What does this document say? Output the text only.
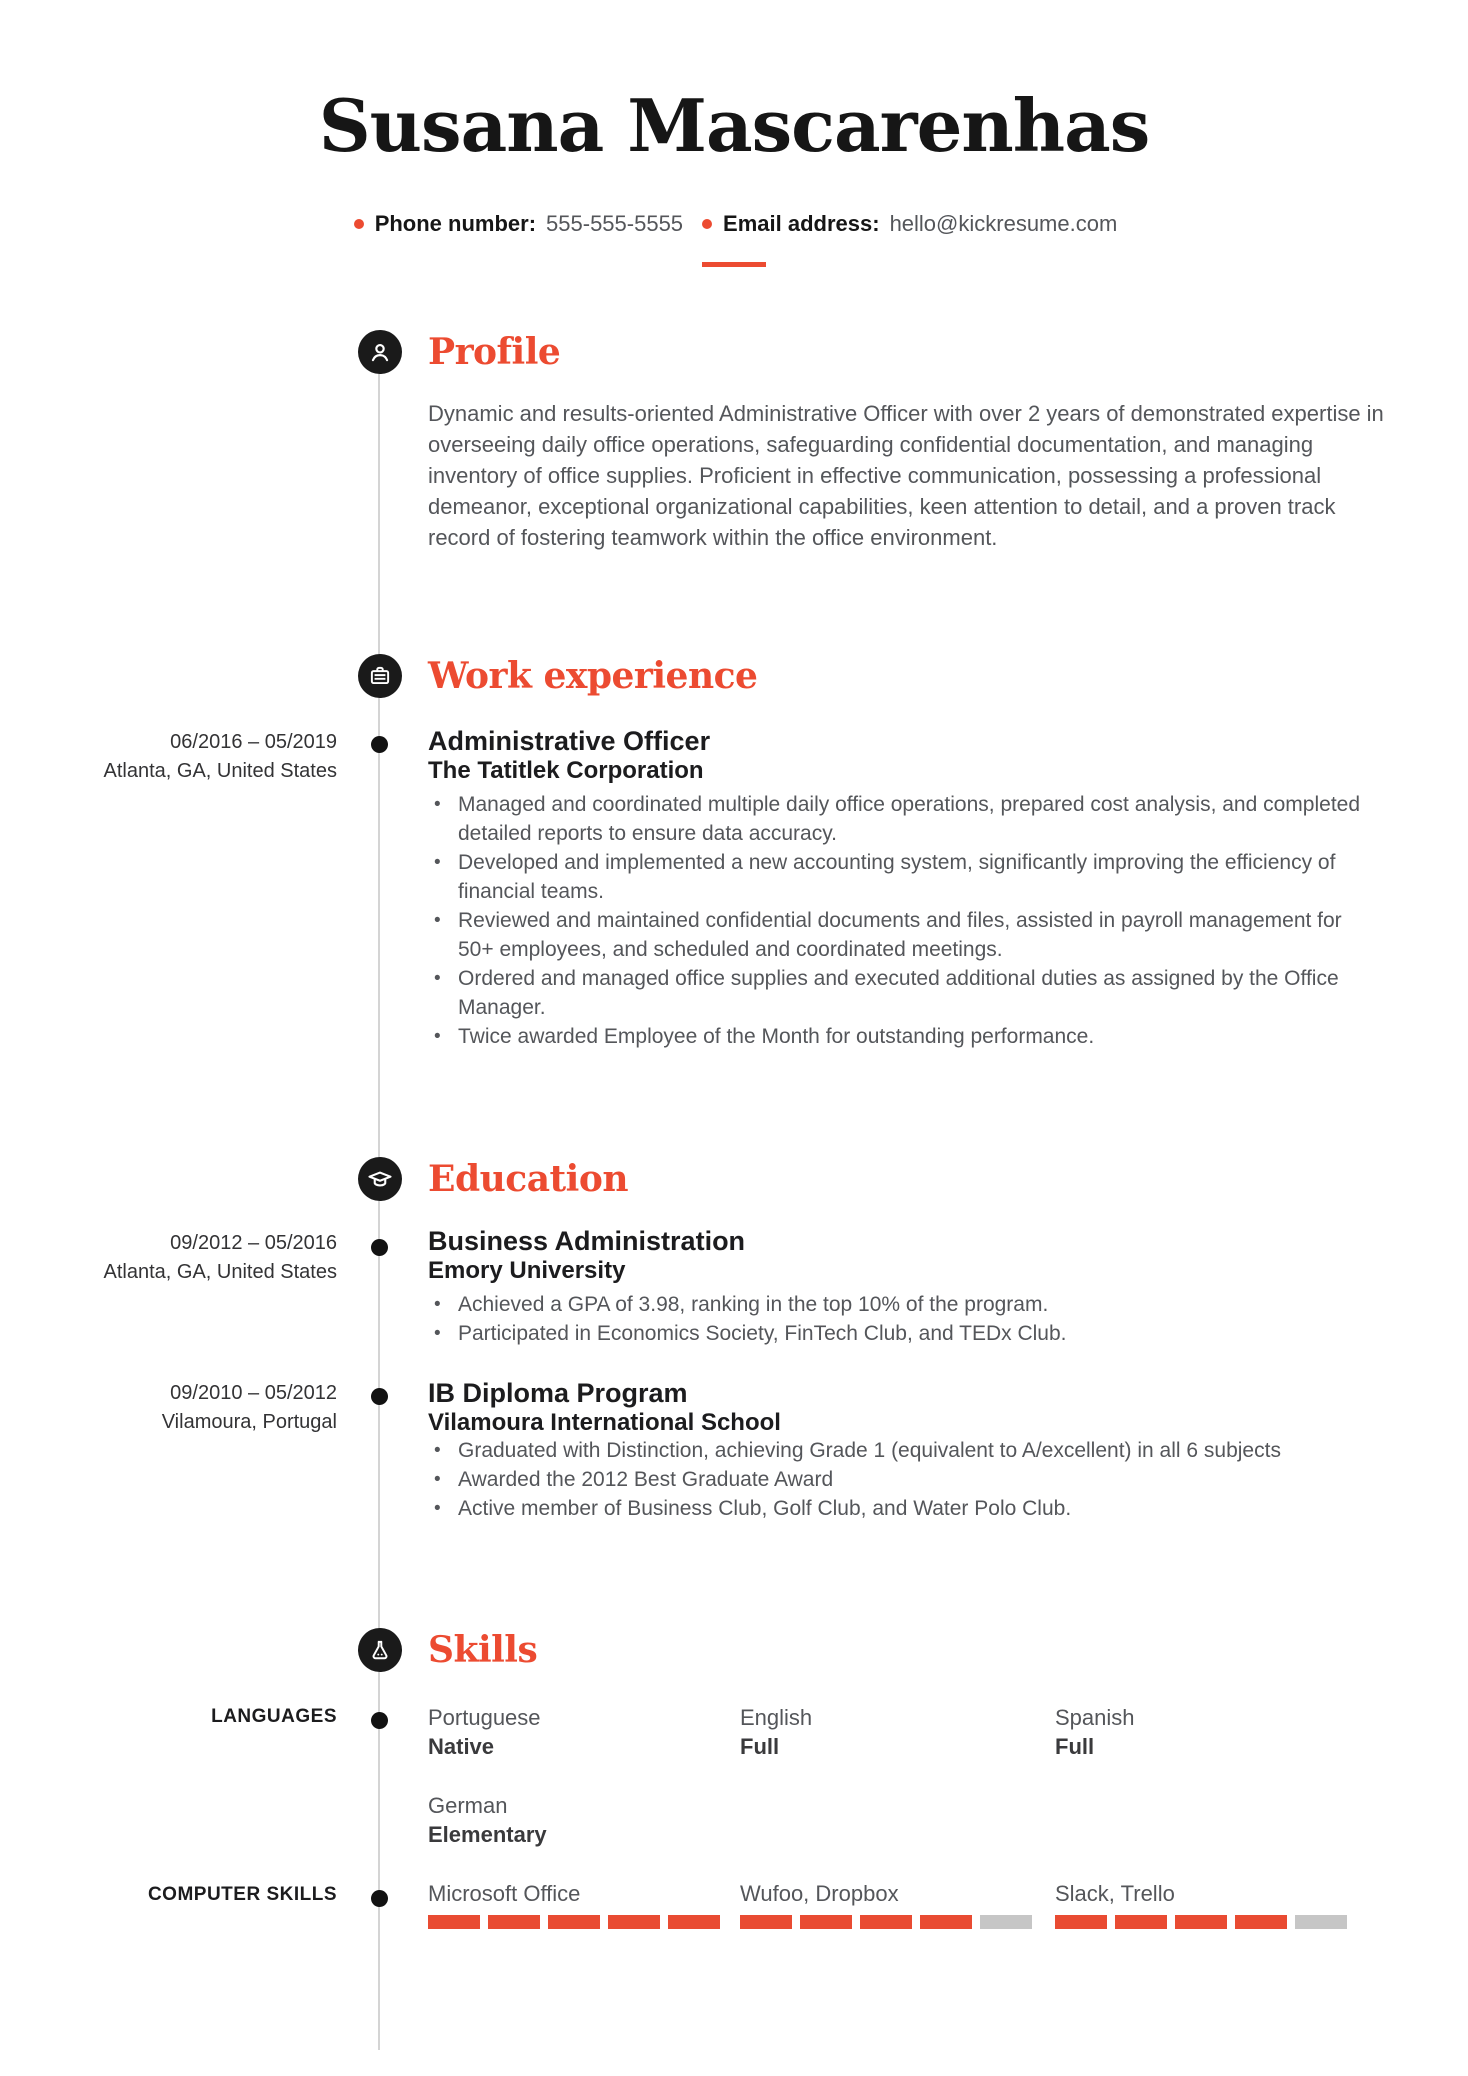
Susana Mascarenhas
Phone number: 555-555-5555 Email address: hello@kickresume.com
Profile
Dynamic and results-oriented Administrative Officer with over 2 years of demonstrated expertise in overseeing daily office operations, safeguarding confidential documentation, and managing inventory of office supplies. Proficient in effective communication, possessing a professional demeanor, exceptional organizational capabilities, keen attention to detail, and a proven track record of fostering teamwork within the office environment.
Work experience
06/2016 – 05/2019
Atlanta, GA, United States
Administrative Officer
The Tatitlek Corporation
• Managed and coordinated multiple daily office operations, prepared cost analysis, and completed detailed reports to ensure data accuracy.
• Developed and implemented a new accounting system, significantly improving the efficiency of financial teams.
• Reviewed and maintained confidential documents and files, assisted in payroll management for 50+ employees, and scheduled and coordinated meetings.
• Ordered and managed office supplies and executed additional duties as assigned by the Office Manager.
• Twice awarded Employee of the Month for outstanding performance.
Education
09/2012 – 05/2016
Atlanta, GA, United States
Business Administration
Emory University
• Achieved a GPA of 3.98, ranking in the top 10% of the program.
• Participated in Economics Society, FinTech Club, and TEDx Club.
09/2010 – 05/2012
Vilamoura, Portugal
IB Diploma Program
Vilamoura International School
• Graduated with Distinction, achieving Grade 1 (equivalent to A/excellent) in all 6 subjects
• Awarded the 2012 Best Graduate Award
• Active member of Business Club, Golf Club, and Water Polo Club.
Skills
LANGUAGES	Portuguese
Native
English
Full
Spanish
Full
German
Elementary
COMPUTER SKILLS	Microsoft Office	Wufoo, Dropbox	Slack, Trello
